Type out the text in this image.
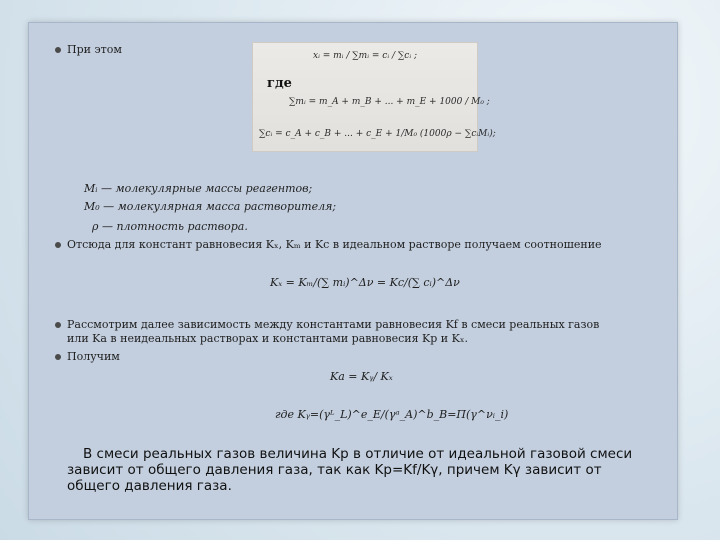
При этом	xᵢ = mᵢ / ∑mᵢ = cᵢ / ∑cᵢ ;
где
∑mᵢ = m_A + m_B + ... + m_E + 1000 / M₀ ;
∑cᵢ = c_A + c_B + ... + c_E + 1/M₀ (1000ρ − ∑cᵢMᵢ);
Mᵢ — молекулярные массы реагентов;
M₀ — молекулярная масса растворителя;
ρ — плотность раствора.
Отсюда для констант равновесия Kₓ, Kₘ и Kc в идеальном растворе получаем соотношение
Kₓ = Kₘ/(∑ mᵢ)^Δν = Kc/(∑ cᵢ)^Δν
Рассмотрим далее зависимость между константами равновесия Kf в смеси реальных газов
или Ka в неидеальных растворах и константами равновесия Kp и Kₓ.
Получим
Ka = Kᵧ/ Kₓ
где Kᵧ=(γᴸ_L)^e_E/(γᵃ_A)^b_B=П(γ^νᵢ_i)
В смеси реальных газов величина Kp в отличие от идеальной газовой смеси
зависит от общего давления газа, так как Kp=Kf/Kγ, причем Kγ зависит от
общего давления газа.
